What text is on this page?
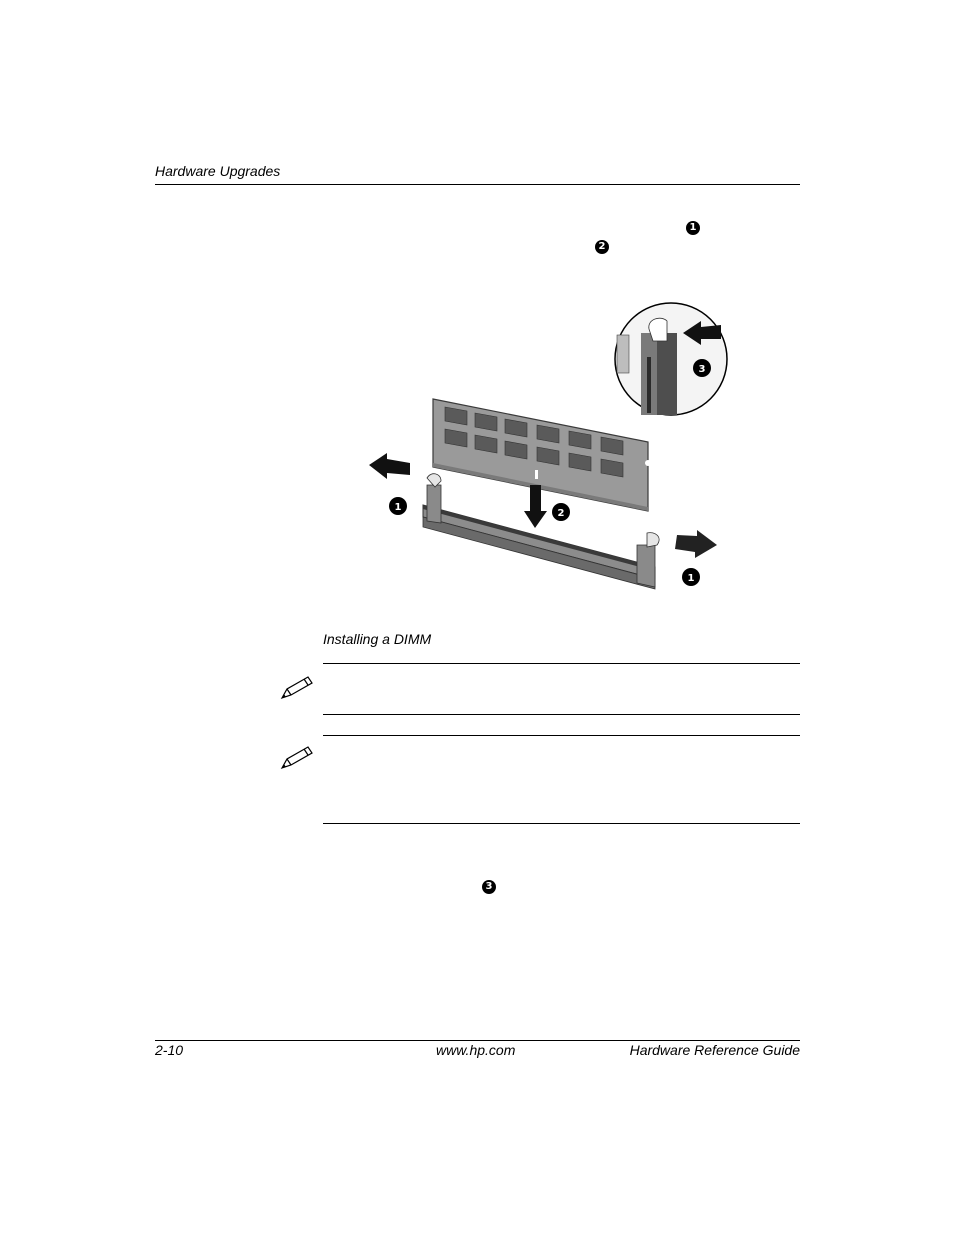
Hardware Upgrades
1
2
1
2
1
3
Installing a DIMM
3
2-10	www.hp.com	Hardware Reference Guide
